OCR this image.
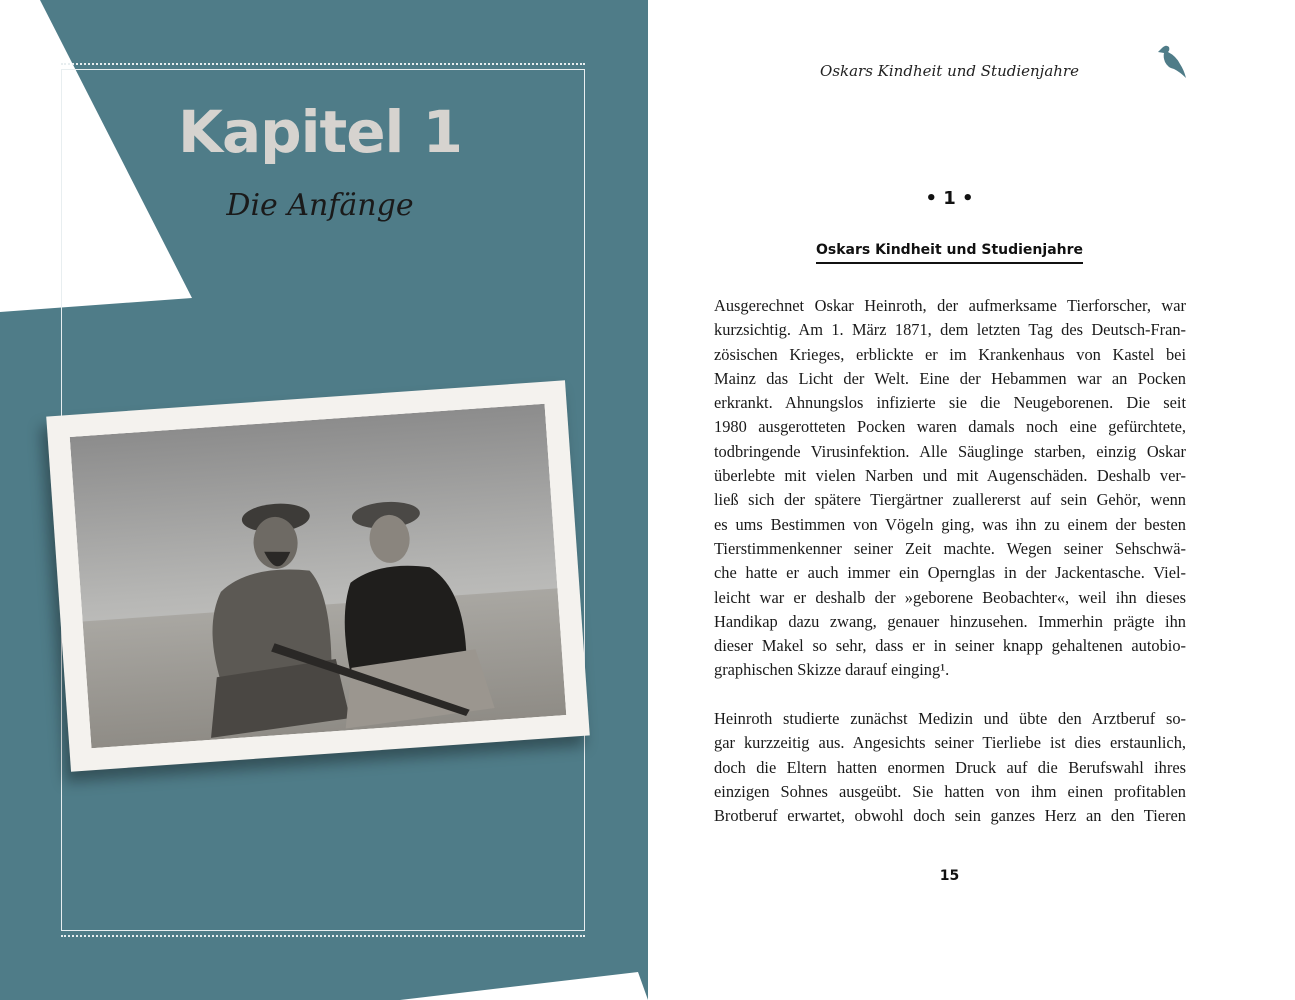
Kapitel 1
Die Anfänge
Oskars Kindheit und Studienjahre
• 1 •
Oskars Kindheit und Studienjahre
Ausgerechnet Oskar Heinroth, der aufmerksame Tierforscher, war
kurzsichtig. Am 1. März 1871, dem letzten Tag des Deutsch-Fran-
zösischen Krieges, erblickte er im Krankenhaus von Kastel bei
Mainz das Licht der Welt. Eine der Hebammen war an Pocken
erkrankt. Ahnungslos infizierte sie die Neugeborenen. Die seit
1980 ausgerotteten Pocken waren damals noch eine gefürchtete,
todbringende Virusinfektion. Alle Säuglinge starben, einzig Oskar
überlebte mit vielen Narben und mit Augenschäden. Deshalb ver-
ließ sich der spätere Tiergärtner zuallererst auf sein Gehör, wenn
es ums Bestimmen von Vögeln ging, was ihn zu einem der besten
Tierstimmenkenner seiner Zeit machte. Wegen seiner Sehschwä-
che hatte er auch immer ein Opernglas in der Jackentasche. Viel-
leicht war er deshalb der »geborene Beobachter«, weil ihn dieses
Handikap dazu zwang, genauer hinzusehen. Immerhin prägte ihn
dieser Makel so sehr, dass er in seiner knapp gehaltenen autobio-
graphischen Skizze darauf einging¹.
Heinroth studierte zunächst Medizin und übte den Arztberuf so-
gar kurzzeitig aus. Angesichts seiner Tierliebe ist dies erstaunlich,
doch die Eltern hatten enormen Druck auf die Berufswahl ihres
einzigen Sohnes ausgeübt. Sie hatten von ihm einen profitablen
Brotberuf erwartet, obwohl doch sein ganzes Herz an den Tieren
15
